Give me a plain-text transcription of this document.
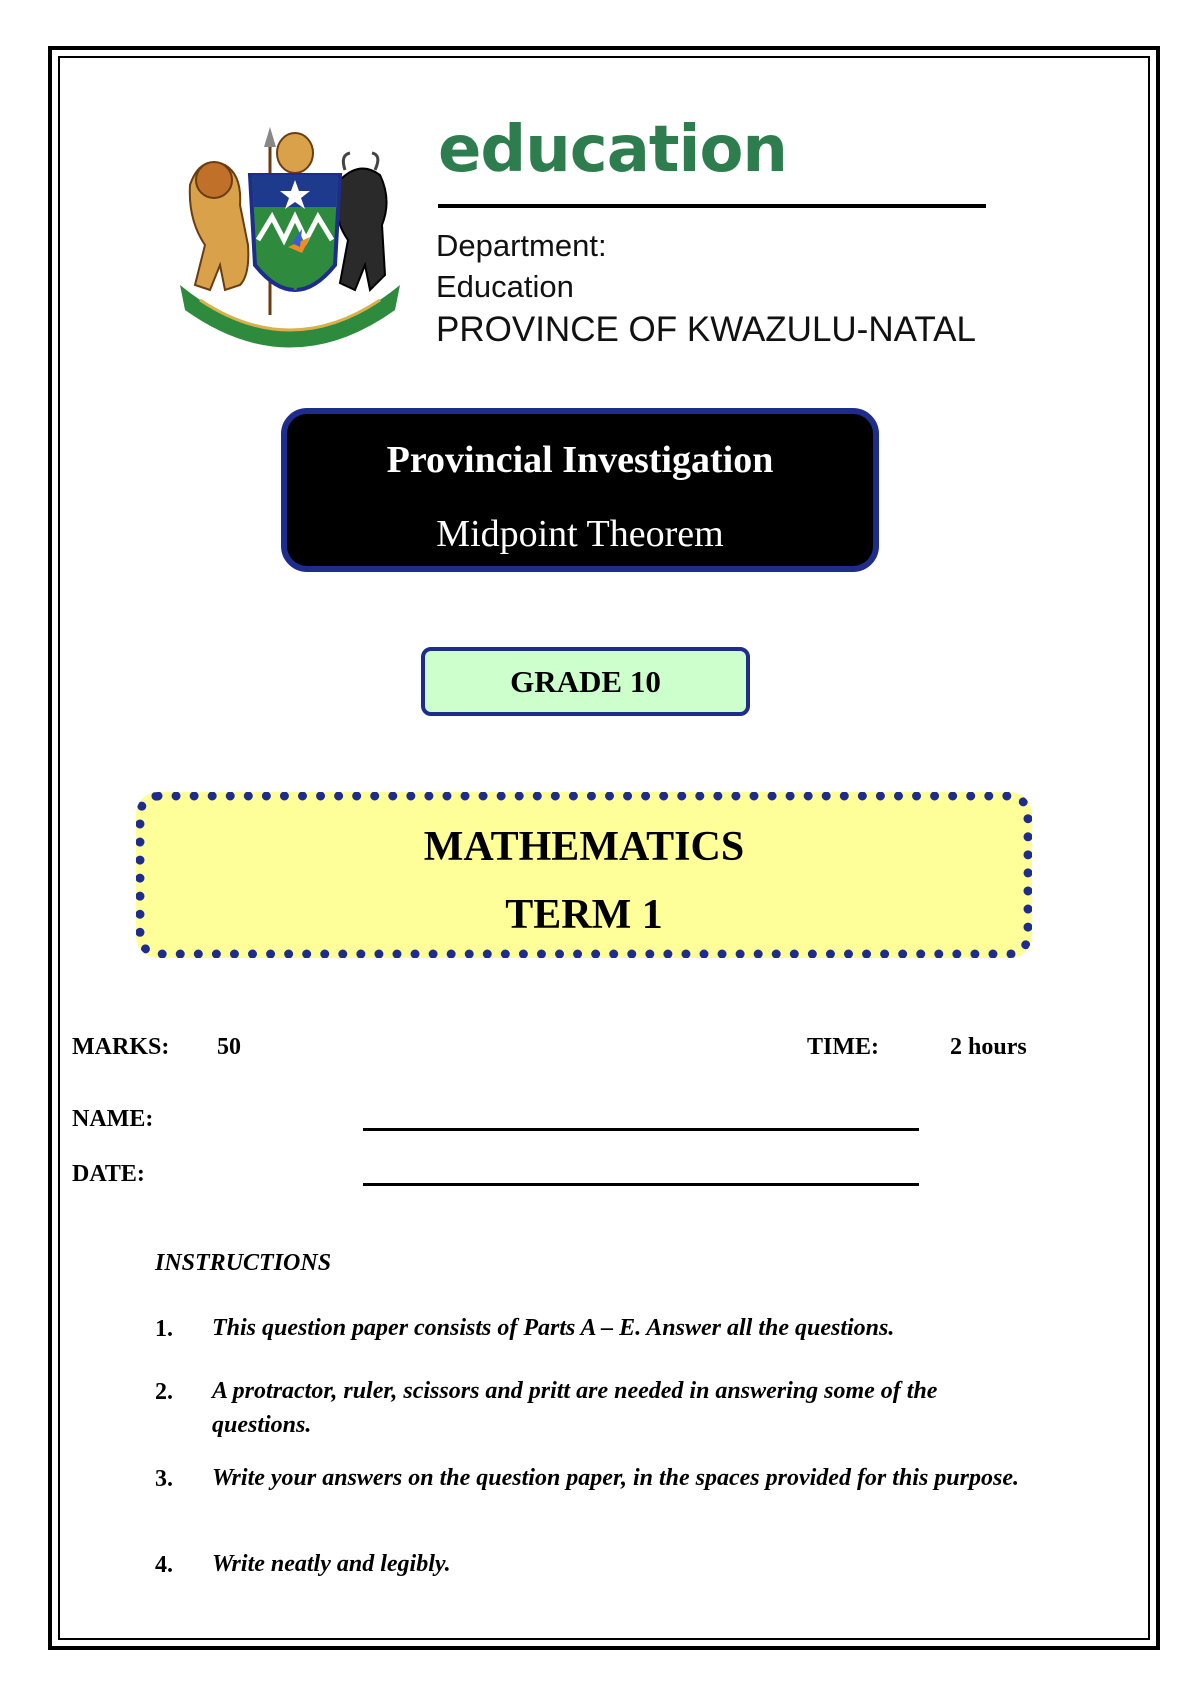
education
Department:
Education
PROVINCE OF KWAZULU-NATAL
Provincial Investigation
Midpoint Theorem
GRADE 10
MATHEMATICS
TERM 1
MARKS: 50	TIME:	2 hours
NAME:
DATE:
INSTRUCTIONS
1. This question paper consists of Parts A – E. Answer all the questions.
2. A protractor, ruler, scissors and pritt are needed in answering some of the questions.
3. Write your answers on the question paper, in the spaces provided for this purpose.
4. Write neatly and legibly.
